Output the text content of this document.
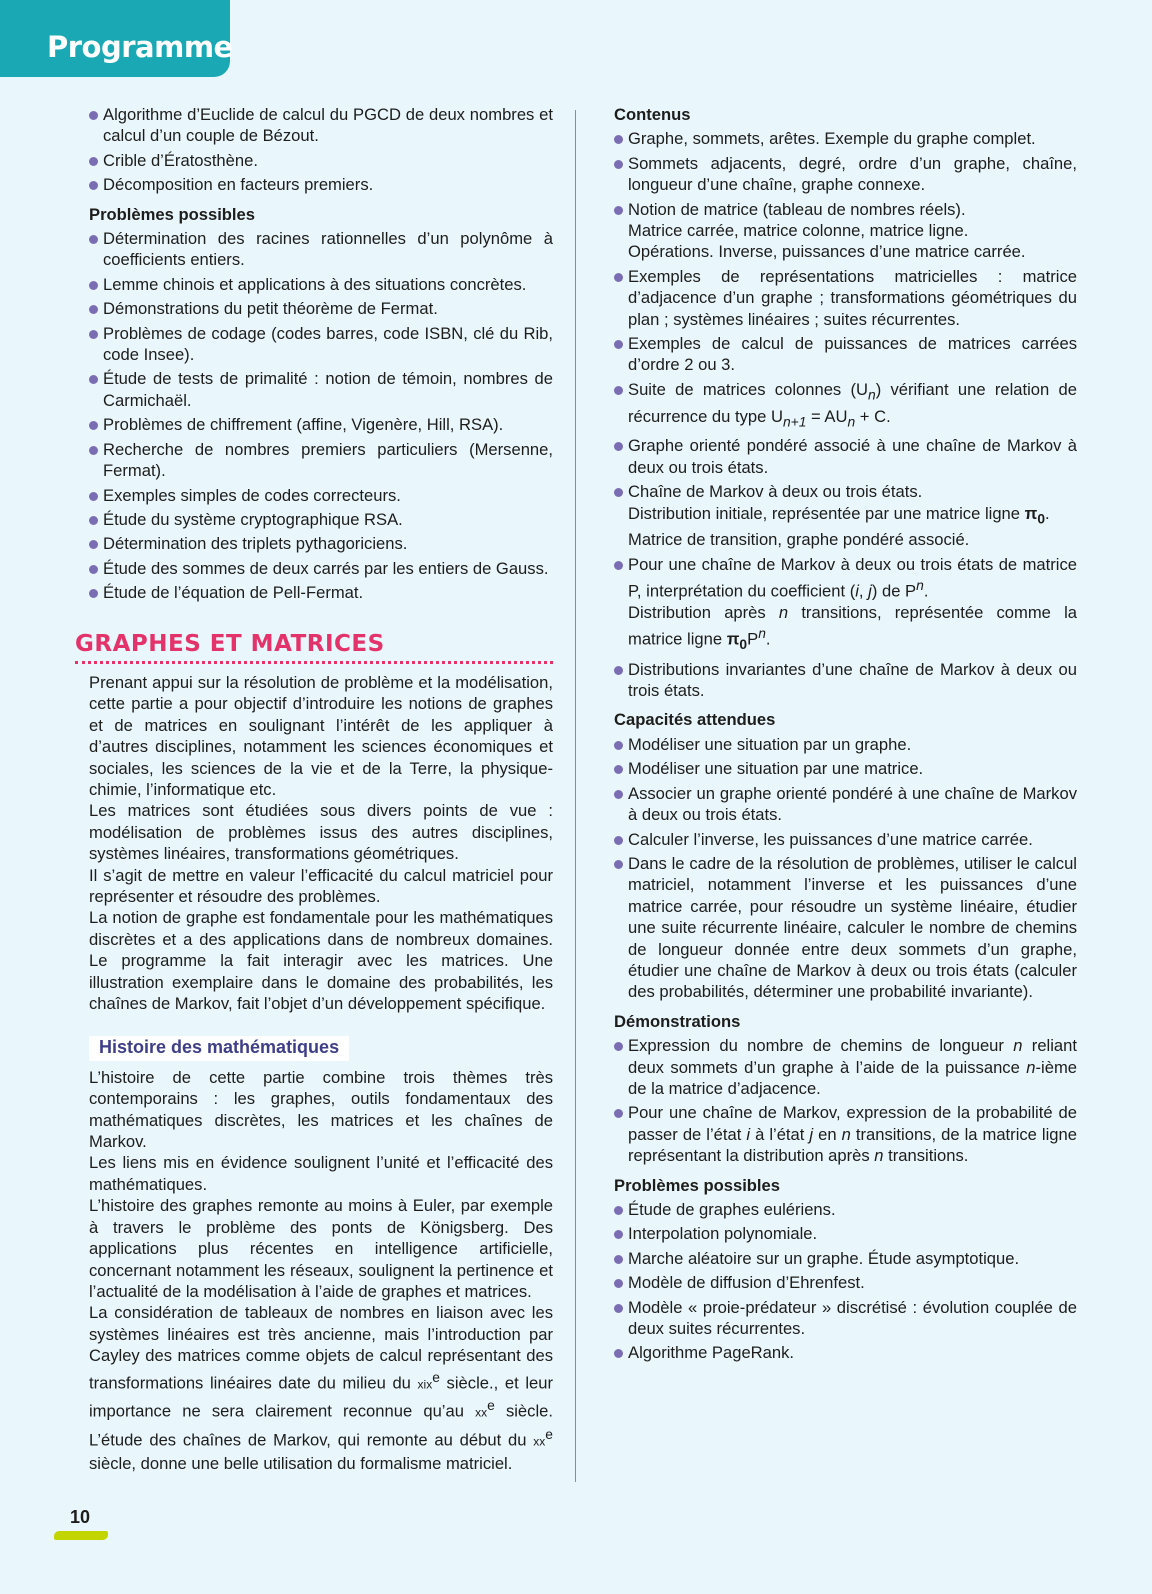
Programme
Algorithme d’Euclide de calcul du PGCD de deux nombres et calcul d’un couple de Bézout.
Crible d’Ératosthène.
Décomposition en facteurs premiers.
Problèmes possibles
Détermination des racines rationnelles d’un polynôme à coefficients entiers.
Lemme chinois et applications à des situations concrètes.
Démonstrations du petit théorème de Fermat.
Problèmes de codage (codes barres, code ISBN, clé du Rib, code Insee).
Étude de tests de primalité : notion de témoin, nombres de Carmichaël.
Problèmes de chiffrement (affine, Vigenère, Hill, RSA).
Recherche de nombres premiers particuliers (Mersenne, Fermat).
Exemples simples de codes correcteurs.
Étude du système cryptographique RSA.
Détermination des triplets pythagoriciens.
Étude des sommes de deux carrés par les entiers de Gauss.
Étude de l’équation de Pell-Fermat.
GRAPHES ET MATRICES

Prenant appui sur la résolution de problème et la modélisation, cette partie a pour objectif d’introduire les notions de graphes et de matrices en soulignant l’intérêt de les appliquer à d’autres disciplines, notamment les sciences économiques et sociales, les sciences de la vie et de la Terre, la physique-chimie, l’informatique etc.

Les matrices sont étudiées sous divers points de vue : modélisation de problèmes issus des autres disciplines, systèmes linéaires, transformations géométriques.

Il s’agit de mettre en valeur l’efficacité du calcul matriciel pour représenter et résoudre des problèmes.

La notion de graphe est fondamentale pour les mathématiques discrètes et a des applications dans de nombreux domaines. Le programme la fait interagir avec les matrices. Une illustration exemplaire dans le domaine des probabilités, les chaînes de Markov, fait l’objet d’un développement spécifique.

Histoire des mathématiques

L’histoire de cette partie combine trois thèmes très contemporains : les graphes, outils fondamentaux des mathématiques discrètes, les matrices et les chaînes de Markov.

Les liens mis en évidence soulignent l’unité et l’efficacité des mathématiques.

L’histoire des graphes remonte au moins à Euler, par exemple à travers le problème des ponts de Königsberg. Des applications plus récentes en intelligence artificielle, concernant notamment les réseaux, soulignent la pertinence et l’actualité de la modélisation à l’aide de graphes et matrices.

La considération de tableaux de nombres en liaison avec les systèmes linéaires est très ancienne, mais l’introduction par Cayley des matrices comme objets de calcul représentant des transformations linéaires date du milieu du xix$^e$ siècle., et leur importance ne sera clairement reconnue qu’au $xx^e$ siècle. L’étude des chaînes de Markov, qui remonte au début du $xx^e$ siècle, donne une belle utilisation du formalisme matriciel.

Contenus
Graphe, sommets, arêtes. Exemple du graphe complet.
Sommets adjacents, degré, ordre d’un graphe, chaîne, longueur d’une chaîne, graphe connexe.
Notion de matrice (tableau de nombres réels).
Matrice carrée, matrice colonne, matrice ligne.
Opérations. Inverse, puissances d’une matrice carrée.
Exemples de représentations matricielles : matrice d’adjacence d’un graphe ; transformations géométriques du plan ; systèmes linéaires ; suites récurrentes.
Exemples de calcul de puissances de matrices carrées d’ordre 2 ou 3.
Suite de matrices colonnes $(U_n)$ vérifiant une relation de récurrence du type $U_{n+1} = AU_n + C$.
Graphe orienté pondéré associé à une chaîne de Markov à deux ou trois états.
Chaîne de Markov à deux ou trois états.
Distribution initiale, représentée par une matrice ligne $\pi_0$.
Matrice de transition, graphe pondéré associé.
Pour une chaîne de Markov à deux ou trois états de matrice P, interprétation du coefficient (i, j) de $P^n$.
Distribution après n transitions, représentée comme la matrice ligne $\pi_0P^n$.
Distributions invariantes d’une chaîne de Markov à deux ou trois états.
Capacités attendues
Modéliser une situation par un graphe.
Modéliser une situation par une matrice.
Associer un graphe orienté pondéré à une chaîne de Markov à deux ou trois états.
Calculer l’inverse, les puissances d’une matrice carrée.
Dans le cadre de la résolution de problèmes, utiliser le calcul matriciel, notamment l’inverse et les puissances d’une matrice carrée, pour résoudre un système linéaire, étudier une suite récurrente linéaire, calculer le nombre de chemins de longueur donnée entre deux sommets d’un graphe, étudier une chaîne de Markov à deux ou trois états (calculer des probabilités, déterminer une probabilité invariante).
Démonstrations
Expression du nombre de chemins de longueur n reliant deux sommets d’un graphe à l’aide de la puissance n-ième de la matrice d’adjacence.
Pour une chaîne de Markov, expression de la probabilité de passer de l’état i à l’état j en n transitions, de la matrice ligne représentant la distribution après n transitions.
Problèmes possibles
Étude de graphes eulériens.
Interpolation polynomiale.
Marche aléatoire sur un graphe. Étude asymptotique.
Modèle de diffusion d’Ehrenfest.
Modèle « proie-prédateur » discrétisé : évolution couplée de deux suites récurrentes.
Algorithme PageRank.
10
